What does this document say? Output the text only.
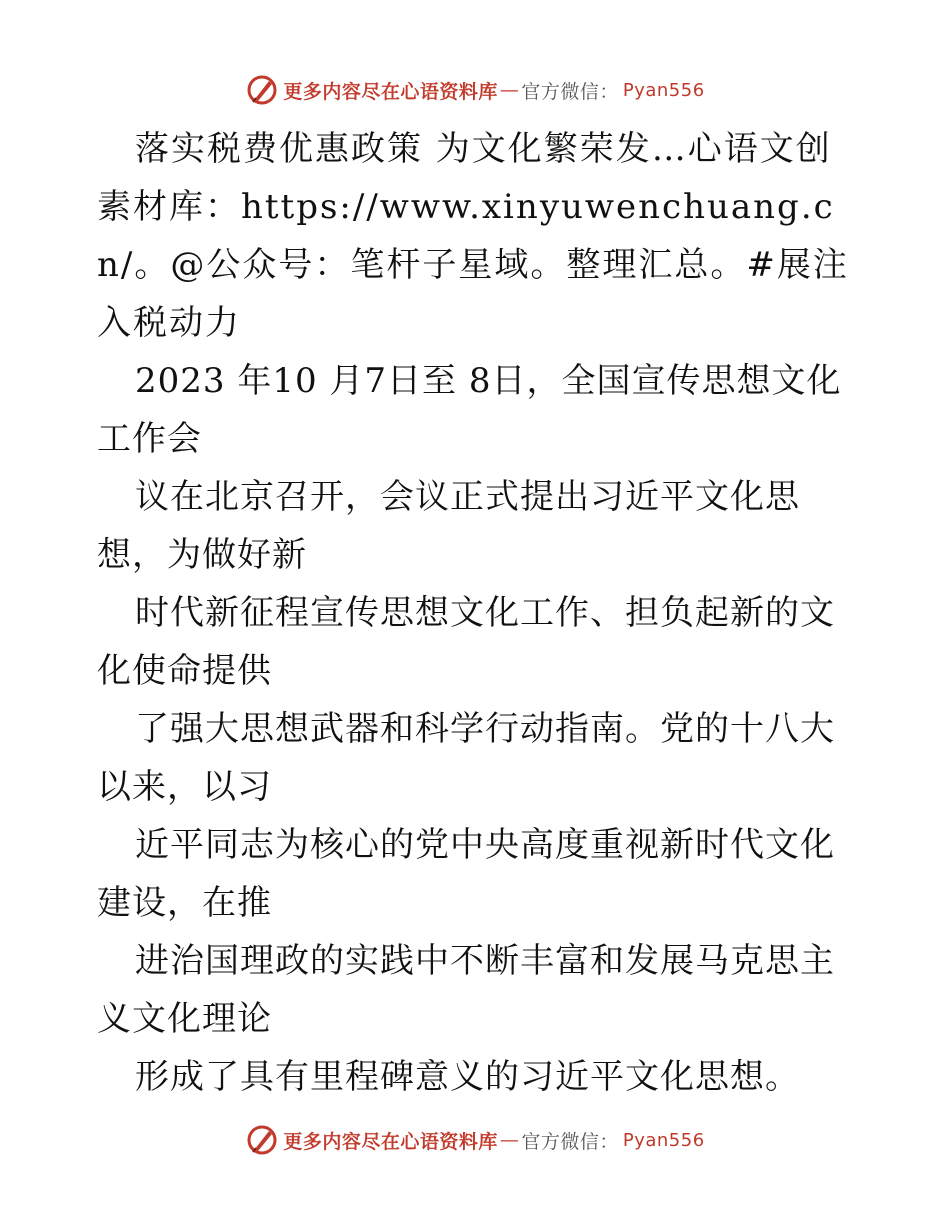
更多内容尽在心语资料库 — 官方微信 ： Pyan556

落实税费优惠政策 为文化繁荣发…心语文创素材库：https://www.xinyuwenchuang.cn/。@公众号：笔杆子星域。整理汇总。#展注入税动力

2023 年10 月7日至 8日，全国宣传思想文化工作会

议在北京召开，会议正式提出习近平文化思想，为做好新

时代新征程宣传思想文化工作、担负起新的文化使命提供

了强大思想武器和科学行动指南。党的十八大以来，以习

近平同志为核心的党中央高度重视新时代文化建设，在推

进治国理政的实践中不断丰富和发展马克思主义文化理论

形成了具有里程碑意义的习近平文化思想。

更多内容尽在心语资料库 — 官方微信 ： Pyan556
